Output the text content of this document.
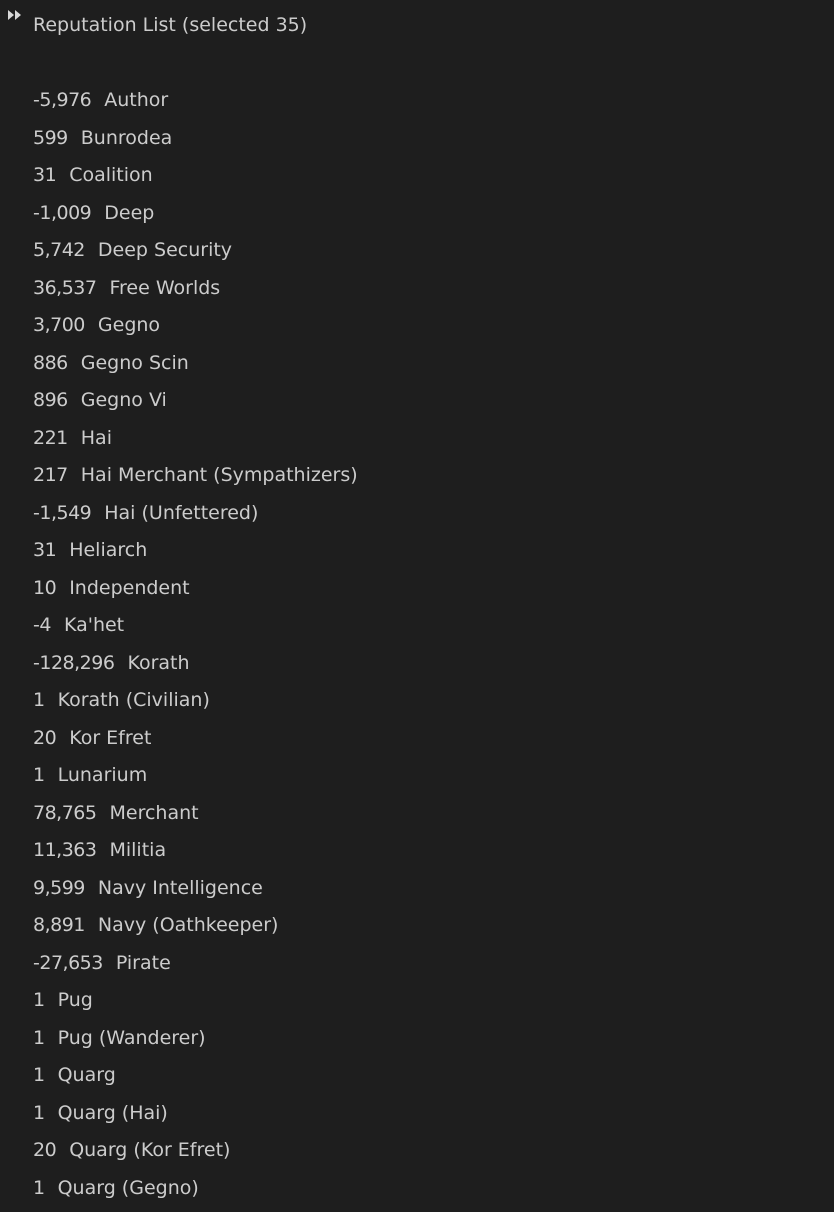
Reputation List (selected 35)
-5,976 Author
599 Bunrodea
31 Coalition
-1,009 Deep
5,742 Deep Security
36,537 Free Worlds
3,700 Gegno
886 Gegno Scin
896 Gegno Vi
221 Hai
217 Hai Merchant (Sympathizers)
-1,549 Hai (Unfettered)
31 Heliarch
10 Independent
-4 Ka'het
-128,296 Korath
1 Korath (Civilian)
20 Kor Efret
1 Lunarium
78,765 Merchant
11,363 Militia
9,599 Navy Intelligence
8,891 Navy (Oathkeeper)
-27,653 Pirate
1 Pug
1 Pug (Wanderer)
1 Quarg
1 Quarg (Hai)
20 Quarg (Kor Efret)
1 Quarg (Gegno)
